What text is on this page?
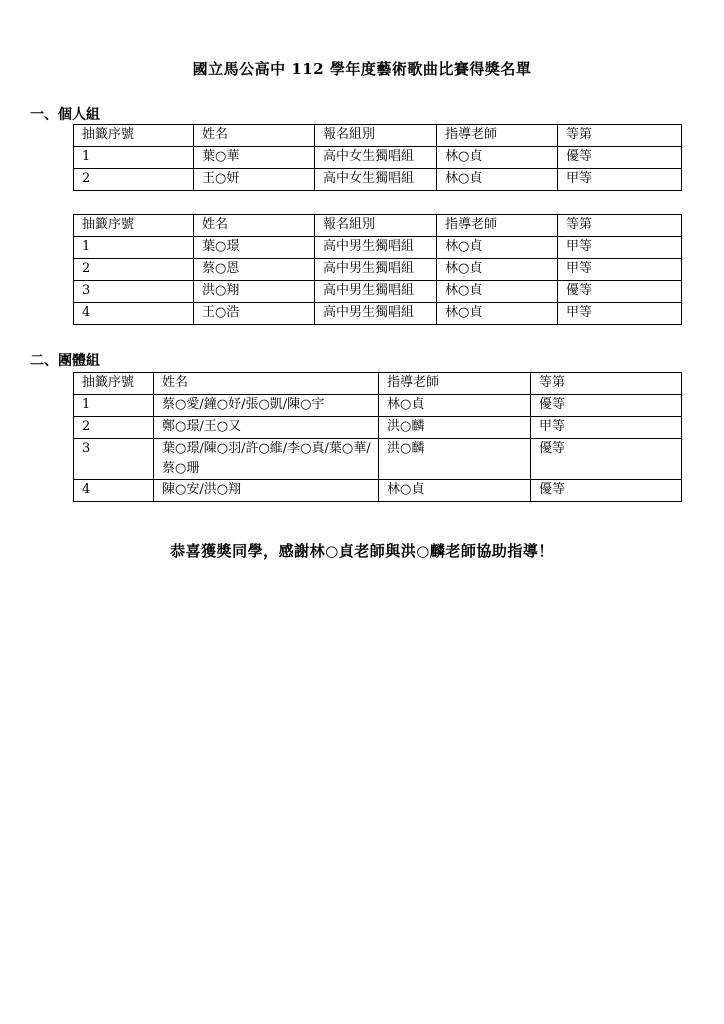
國立馬公高中 112 學年度藝術歌曲比賽得獎名單
一、個人組
抽籤序號	姓名	報名組別	指導老師	等第
1	葉○華	高中女生獨唱組	林○貞	優等
2	王○妍	高中女生獨唱組	林○貞	甲等
抽籤序號	姓名	報名組別	指導老師	等第
1	葉○璟	高中男生獨唱組	林○貞	甲等
2	蔡○恩	高中男生獨唱組	林○貞	甲等
3	洪○翔	高中男生獨唱組	林○貞	優等
4	王○浩	高中男生獨唱組	林○貞	甲等
二、團體組
抽籤序號	姓名	指導老師	等第
1	蔡○愛/鐘○妤/張○凱/陳○宇	林○貞	優等
2	鄭○璟/王○又	洪○麟	甲等
3	葉○璟/陳○羽/許○維/李○真/葉○華/蔡○珊	洪○麟	優等
4	陳○安/洪○翔	林○貞	優等
恭喜獲獎同學，感謝林○貞老師與洪○麟老師協助指導！
